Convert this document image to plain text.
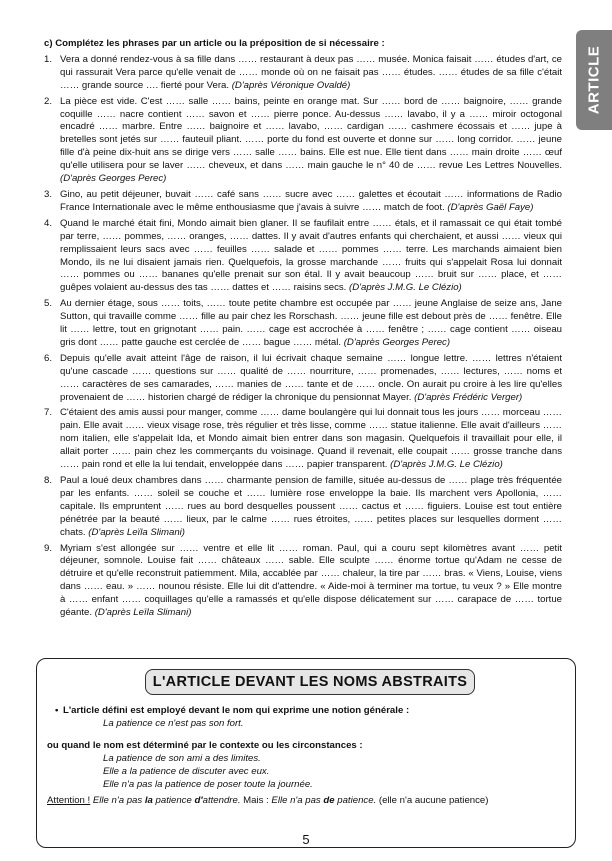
ARTICLE
c) Complétez les phrases par un article ou la préposition de si nécessaire :
1. Vera a donné rendez-vous à sa fille dans …… restaurant à deux pas …… musée. Monica faisait …… études d'art, ce qui rassurait Vera parce qu'elle venait de …… monde où on ne faisait pas …… études. …… études de sa fille c'était …… grande source …. fierté pour Vera. (D'après Véronique Ovaldé)
2. La pièce est vide. C'est …… salle …… bains, peinte en orange mat. Sur …… bord de …… baignoire, …… grande coquille …… nacre contient …… savon et …… pierre ponce. Au-dessus …… lavabo, il y a …… miroir octogonal encadré …… marbre. Entre …… baignoire et …… lavabo, …… cardigan …… cashmere écossais et …… jupe à bretelles sont jetés sur …… fauteuil pliant. …… porte du fond est ouverte et donne sur …… long corridor. …… jeune fille d'à peine dix-huit ans se dirige vers …… salle …… bains. Elle est nue. Elle tient dans …… main droite …… œuf qu'elle utilisera pour se laver …… cheveux, et dans …… main gauche le n° 40 de …… revue Les Lettres Nouvelles. (D'après Georges Perec)
3. Gino, au petit déjeuner, buvait …… café sans …… sucre avec …… galettes et écoutait …… informations de Radio France Internationale avec le même enthousiasme que j'avais à suivre …… match de foot. (D'après Gaël Faye)
4. Quand le marché était fini, Mondo aimait bien glaner. Il se faufilait entre …… étals, et il ramassait ce qui était tombé par terre, …… pommes, …… oranges, …… dattes. Il y avait d'autres enfants qui cherchaient, et aussi …… vieux qui remplissaient leurs sacs avec …… feuilles …… salade et …… pommes …… terre. Les marchands aimaient bien Mondo, ils ne lui disaient jamais rien. Quelquefois, la grosse marchande …… fruits qui s'appelait Rosa lui donnait …… pommes ou …… bananes qu'elle prenait sur son étal. Il y avait beaucoup …… bruit sur …… place, et …… guêpes volaient au-dessus des tas …… dattes et …… raisins secs. (D'après J.M.G. Le Clézio)
5. Au dernier étage, sous …… toits, …… toute petite chambre est occupée par …… jeune Anglaise de seize ans, Jane Sutton, qui travaille comme …… fille au pair chez les Rorschash. …… jeune fille est debout près de …… fenêtre. Elle lit …… lettre, tout en grignotant …… pain. …… cage est accrochée à …… fenêtre ; …… cage contient …… oiseau gris dont …… patte gauche est cerclée de …… bague …… métal. (D'après Georges Perec)
6. Depuis qu'elle avait atteint l'âge de raison, il lui écrivait chaque semaine …… longue lettre. …… lettres n'étaient qu'une cascade …… questions sur …… qualité de …… nourriture, …… promenades, …… lectures, …… noms et …… caractères de ses camarades, …… manies de …… tante et de …… oncle. On aurait pu croire à les lire qu'elles provenaient de …… historien chargé de rédiger la chronique du pensionnat Mayer. (D'après Frédéric Verger)
7. C'étaient des amis aussi pour manger, comme …… dame boulangère qui lui donnait tous les jours …… morceau …… pain. Elle avait …… vieux visage rose, très régulier et très lisse, comme …… statue italienne. Elle avait d'ailleurs …… nom italien, elle s'appelait Ida, et Mondo aimait bien entrer dans son magasin. Quelquefois il travaillait pour elle, il allait porter …… pain chez les commerçants du voisinage. Quand il revenait, elle coupait …… grosse tranche dans …… pain rond et elle la lui tendait, enveloppée dans …… papier transparent. (D'après J.M.G. Le Clézio)
8. Paul a loué deux chambres dans …… charmante pension de famille, située au-dessus de …… plage très fréquentée par les enfants. …… soleil se couche et …… lumière rose enveloppe la baie. Ils marchent vers Apollonia, …… capitale. Ils empruntent …… rues au bord desquelles poussent …… cactus et …… figuiers. Louise est tout entière pénétrée par la beauté …… lieux, par le calme …… rues étroites, …… petites places sur lesquelles dorment …… chats. (D'après Leïla Slimani)
9. Myriam s'est allongée sur …… ventre et elle lit …… roman. Paul, qui a couru sept kilomètres avant …… petit déjeuner, somnole. Louise fait …… châteaux …… sable. Elle sculpte …… énorme tortue qu'Adam ne cesse de détruire et qu'elle reconstruit patiemment. Mila, accablée par …… chaleur, la tire par …… bras. « Viens, Louise, viens dans …… eau. » …… nounou résiste. Elle lui dit d'attendre. « Aide-moi à terminer ma tortue, tu veux ? » Elle montre à …… enfant …… coquillages qu'elle a ramassés et qu'elle dispose délicatement sur …… carapace de …… tortue géante. (D'après Leïla Slimani)
L'ARTICLE DEVANT LES NOMS ABSTRAITS
• L'article défini est employé devant le nom qui exprime une notion générale :
La patience ce n'est pas son fort.
ou quand le nom est déterminé par le contexte ou les circonstances :
La patience de son ami a des limites.
Elle a la patience de discuter avec eux.
Elle n'a pas la patience de poser toute la journée.
Attention ! Elle n'a pas la patience d'attendre. Mais : Elle n'a pas de patience. (elle n'a aucune patience)
5
